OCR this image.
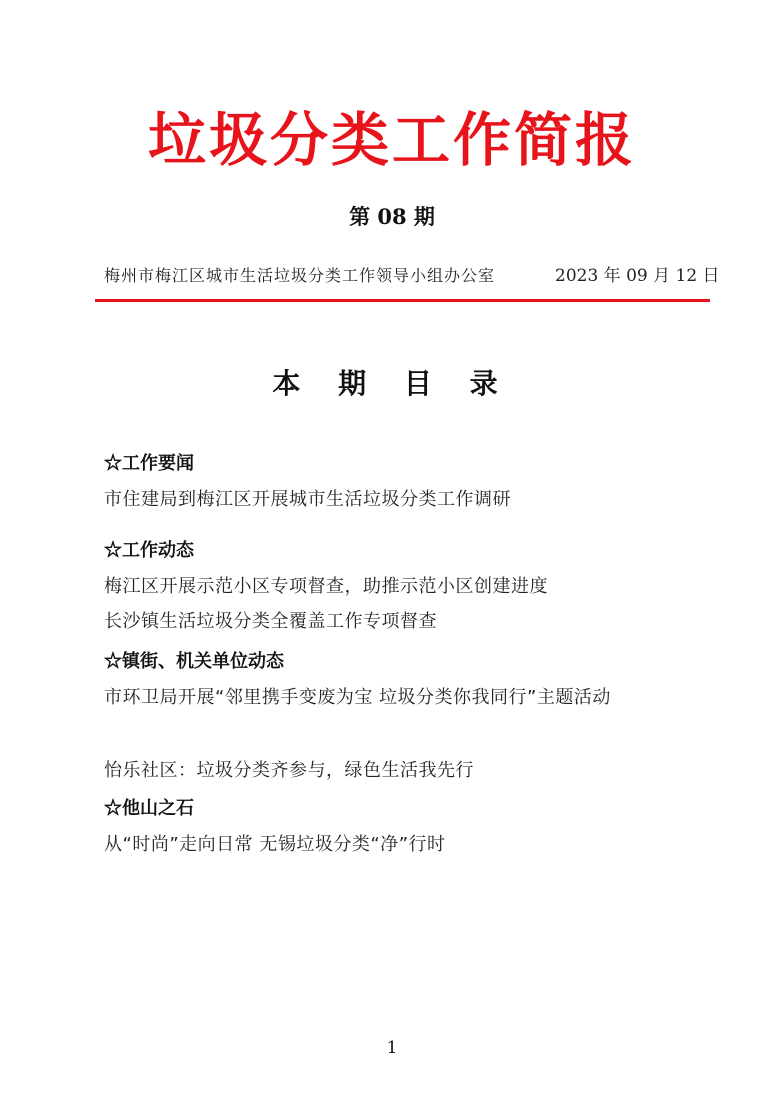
垃圾分类工作简报
第 08 期
梅州市梅江区城市生活垃圾分类工作领导小组办公室	2023 年 09 月 12 日
本 期 目 录
☆工作要闻
市住建局到梅江区开展城市生活垃圾分类工作调研
☆工作动态
梅江区开展示范小区专项督查，助推示范小区创建进度
长沙镇生活垃圾分类全覆盖工作专项督查
☆镇街、机关单位动态
市环卫局开展“邻里携手变废为宝 垃圾分类你我同行”主题活动
怡乐社区：垃圾分类齐参与，绿色生活我先行
☆他山之石
从“时尚”走向日常 无锡垃圾分类“净”行时
1
